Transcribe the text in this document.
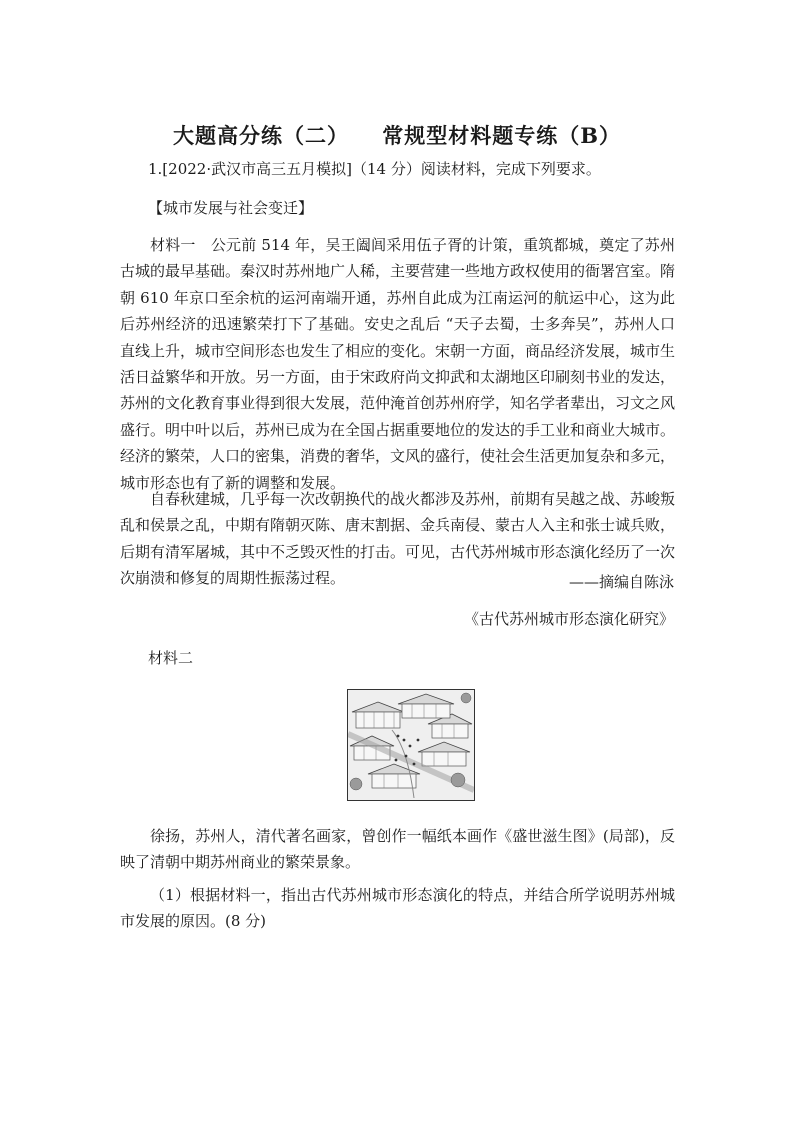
大题高分练（二）    常规型材料题专练（B）

1.[2022·武汉市高三五月模拟]（14 分）阅读材料，完成下列要求。

【城市发展与社会变迁】

材料一　公元前 514 年，吴王阖闾采用伍子胥的计策，重筑都城，奠定了苏州古城的最早基础。秦汉时苏州地广人稀，主要营建一些地方政权使用的衙署宫室。隋朝 610 年京口至余杭的运河南端开通，苏州自此成为江南运河的航运中心，这为此后苏州经济的迅速繁荣打下了基础。安史之乱后 “天子去蜀，士多奔吴”，苏州人口直线上升，城市空间形态也发生了相应的变化。宋朝一方面，商品经济发展，城市生活日益繁华和开放。另一方面，由于宋政府尚文抑武和太湖地区印刷刻书业的发达，苏州的文化教育事业得到很大发展，范仲淹首创苏州府学，知名学者辈出，习文之风盛行。明中叶以后，苏州已成为在全国占据重要地位的发达的手工业和商业大城市。经济的繁荣，人口的密集，消费的奢华，文风的盛行，使社会生活更加复杂和多元，城市形态也有了新的调整和发展。

自春秋建城，几乎每一次改朝换代的战火都涉及苏州，前期有吴越之战、苏峻叛乱和侯景之乱，中期有隋朝灭陈、唐末割据、金兵南侵、蒙古人入主和张士诚兵败，后期有清军屠城，其中不乏毁灭性的打击。可见，古代苏州城市形态演化经历了一次次崩溃和修复的周期性振荡过程。	——摘编自陈泳

《古代苏州城市形态演化研究》

材料二

徐扬，苏州人，清代著名画家，曾创作一幅纸本画作《盛世滋生图》(局部)，反映了清朝中期苏州商业的繁荣景象。

（1）根据材料一，指出古代苏州城市形态演化的特点，并结合所学说明苏州城市发展的原因。(8 分)
